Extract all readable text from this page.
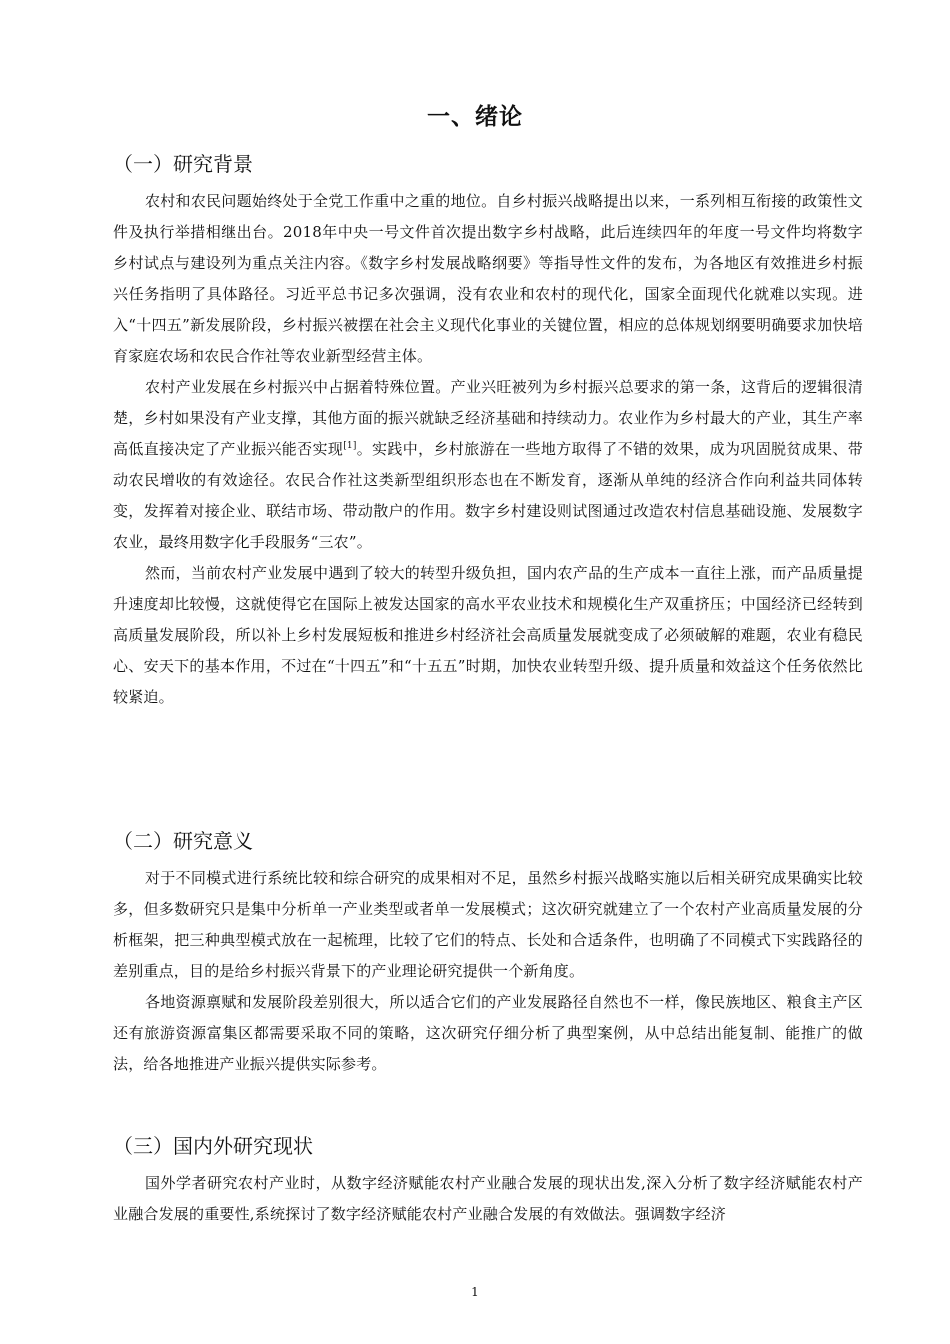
一、绪论
（一）研究背景

农村和农民问题始终处于全党工作重中之重的地位。自乡村振兴战略提出以来，一系列相互衔接的政策性文件及执行举措相继出台。2018年中央一号文件首次提出数字乡村战略，此后连续四年的年度一号文件均将数字乡村试点与建设列为重点关注内容。《数字乡村发展战略纲要》等指导性文件的发布，为各地区有效推进乡村振兴任务指明了具体路径。习近平总书记多次强调，没有农业和农村的现代化，国家全面现代化就难以实现。进入“十四五”新发展阶段，乡村振兴被摆在社会主义现代化事业的关键位置，相应的总体规划纲要明确要求加快培育家庭农场和农民合作社等农业新型经营主体。

农村产业发展在乡村振兴中占据着特殊位置。产业兴旺被列为乡村振兴总要求的第一条，这背后的逻辑很清楚，乡村如果没有产业支撑，其他方面的振兴就缺乏经济基础和持续动力。农业作为乡村最大的产业，其生产率高低直接决定了产业振兴能否实现[1]。实践中，乡村旅游在一些地方取得了不错的效果，成为巩固脱贫成果、带动农民增收的有效途径。农民合作社这类新型组织形态也在不断发育，逐渐从单纯的经济合作向利益共同体转变，发挥着对接企业、联结市场、带动散户的作用。数字乡村建设则试图通过改造农村信息基础设施、发展数字农业，最终用数字化手段服务“三农”。

然而，当前农村产业发展中遇到了较大的转型升级负担，国内农产品的生产成本一直往上涨，而产品质量提升速度却比较慢，这就使得它在国际上被发达国家的高水平农业技术和规模化生产双重挤压；中国经济已经转到高质量发展阶段，所以补上乡村发展短板和推进乡村经济社会高质量发展就变成了必须破解的难题，农业有稳民心、安天下的基本作用，不过在“十四五”和“十五五”时期，加快农业转型升级、提升质量和效益这个任务依然比较紧迫。

（二）研究意义

对于不同模式进行系统比较和综合研究的成果相对不足，虽然乡村振兴战略实施以后相关研究成果确实比较多，但多数研究只是集中分析单一产业类型或者单一发展模式；这次研究就建立了一个农村产业高质量发展的分析框架，把三种典型模式放在一起梳理，比较了它们的特点、长处和合适条件，也明确了不同模式下实践路径的差别重点，目的是给乡村振兴背景下的产业理论研究提供一个新角度。

各地资源禀赋和发展阶段差别很大，所以适合它们的产业发展路径自然也不一样，像民族地区、粮食主产区还有旅游资源富集区都需要采取不同的策略，这次研究仔细分析了典型案例，从中总结出能复制、能推广的做法，给各地推进产业振兴提供实际参考。

（三）国内外研究现状

国外学者研究农村产业时，从数字经济赋能农村产业融合发展的现状出发,深入分析了数字经济赋能农村产业融合发展的重要性,系统探讨了数字经济赋能农村产业融合发展的有效做法。强调数字经济

1
